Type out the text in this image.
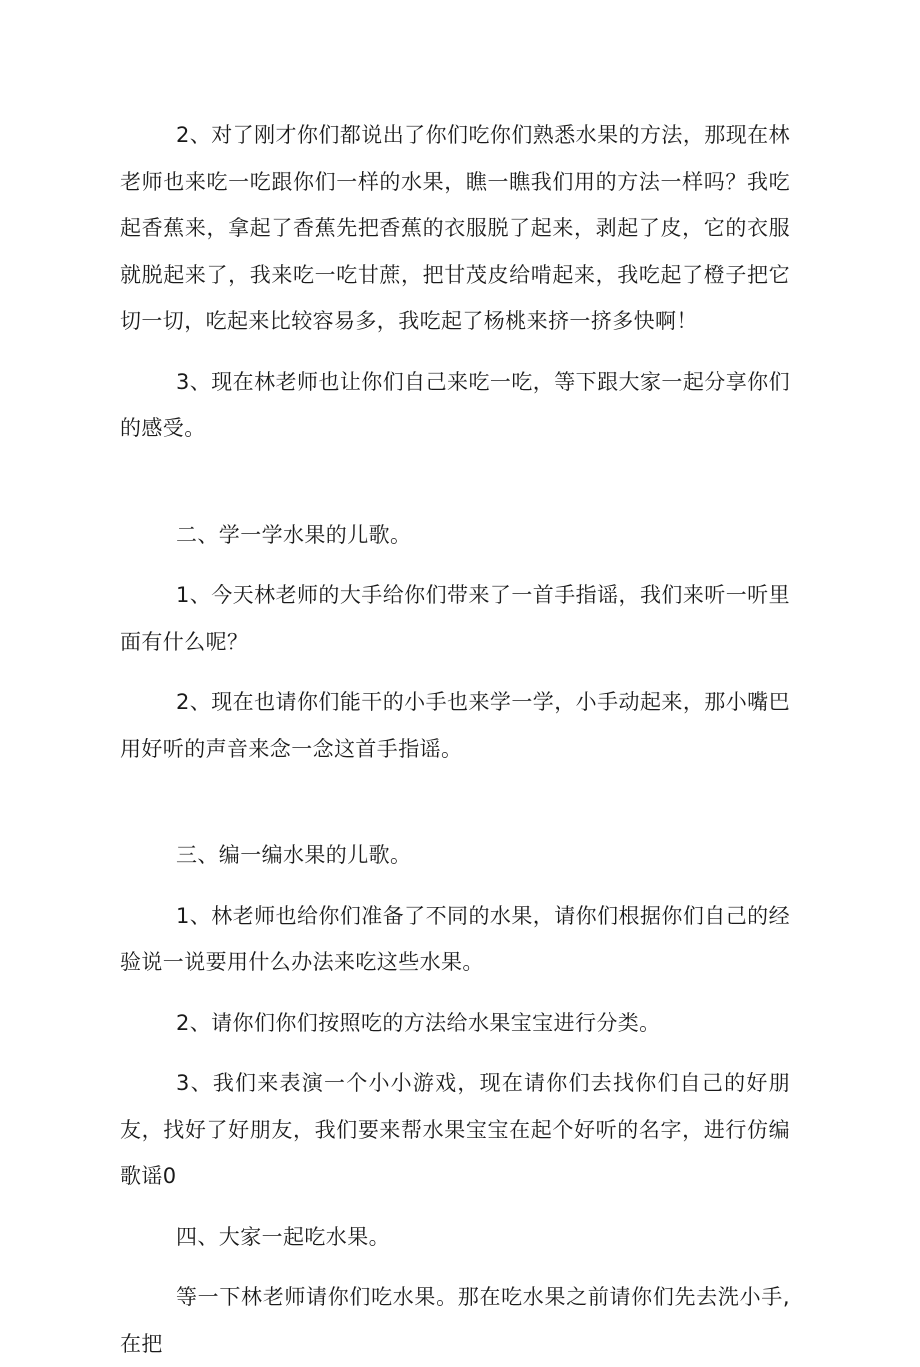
2、对了刚才你们都说出了你们吃你们熟悉水果的方法，那现在林老师也来吃一吃跟你们一样的水果，瞧一瞧我们用的方法一样吗？我吃起香蕉来，拿起了香蕉先把香蕉的衣服脱了起来，剥起了皮，它的衣服就脱起来了，我来吃一吃甘蔗，把甘茂皮给啃起来，我吃起了橙子把它切一切，吃起来比较容易多，我吃起了杨桃来挤一挤多快啊！

3、现在林老师也让你们自己来吃一吃，等下跟大家一起分享你们的感受。

二、学一学水果的儿歌。

1、今天林老师的大手给你们带来了一首手指谣，我们来听一听里面有什么呢？

2、现在也请你们能干的小手也来学一学，小手动起来，那小嘴巴用好听的声音来念一念这首手指谣。

三、编一编水果的儿歌。

1、林老师也给你们准备了不同的水果，请你们根据你们自己的经验说一说要用什么办法来吃这些水果。

2、请你们你们按照吃的方法给水果宝宝进行分类。

3、我们来表演一个小小游戏，现在请你们去找你们自己的好朋友，找好了好朋友，我们要来帮水果宝宝在起个好听的名字，进行仿编歌谣0

四、大家一起吃水果。

等一下林老师请你们吃水果。那在吃水果之前请你们先去洗小手,在把
